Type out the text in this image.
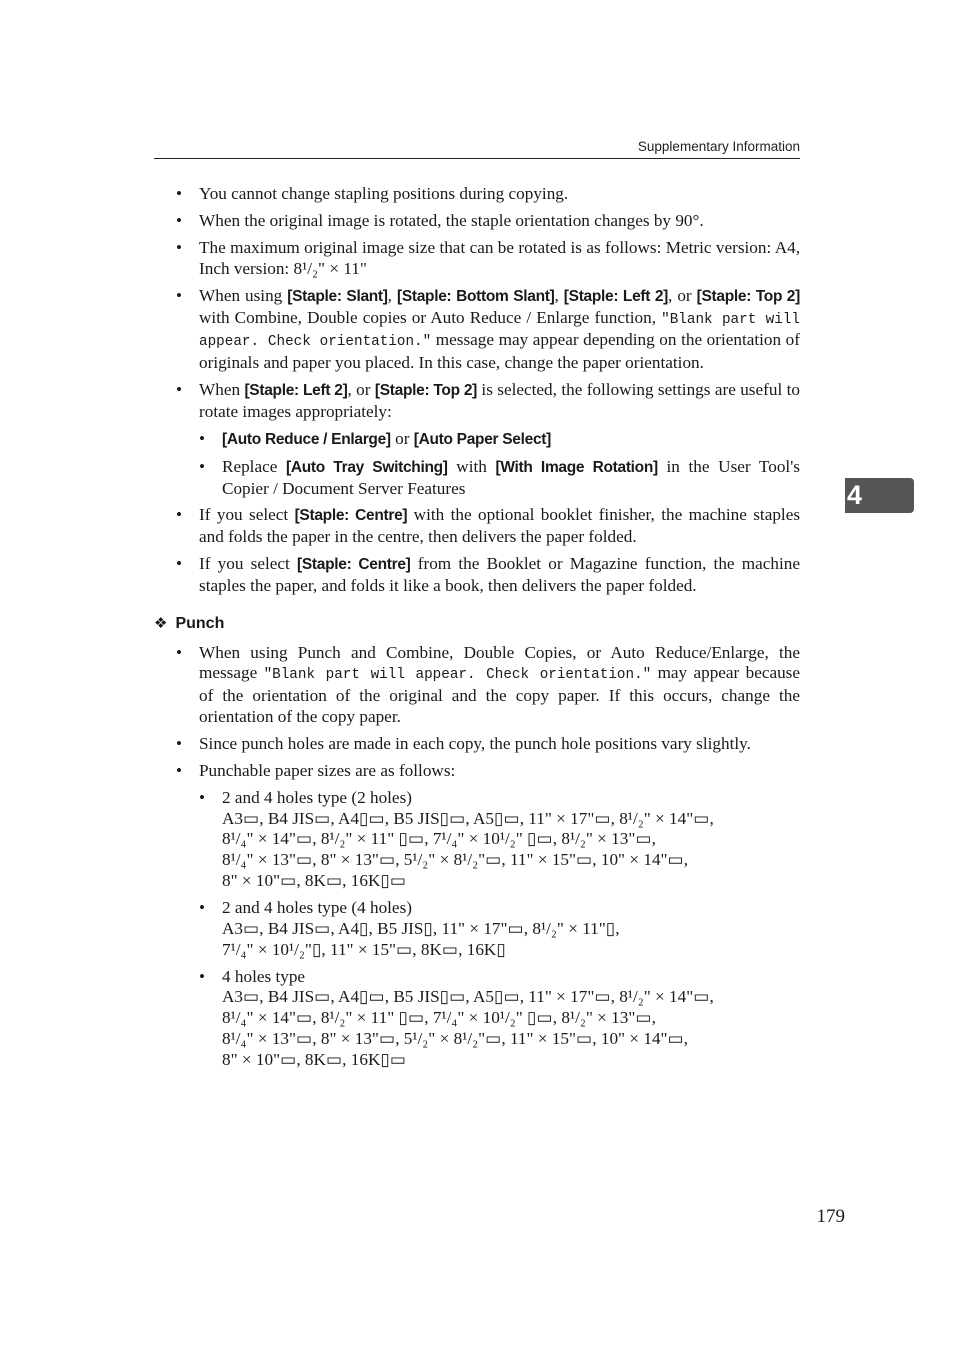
Supplementary Information
4
• You cannot change stapling positions during copying.
• When the original image is rotated, the staple orientation changes by 90°.
• The maximum original image size that can be rotated is as follows: Metric version: A4, Inch version: 8¹/₂" × 11"
• When using [Staple: Slant], [Staple: Bottom Slant], [Staple: Left 2], or [Staple: Top 2] with Combine, Double copies or Auto Reduce / Enlarge function, "Blank part will appear. Check orientation." message may appear depending on the orientation of originals and paper you placed. In this case, change the paper orientation.
• When [Staple: Left 2], or [Staple: Top 2] is selected, the following settings are useful to rotate images appropriately:
• [Auto Reduce / Enlarge] or [Auto Paper Select]
• Replace [Auto Tray Switching] with [With Image Rotation] in the User Tool's Copier / Document Server Features
• If you select [Staple: Centre] with the optional booklet finisher, the machine staples and folds the paper in the centre, then delivers the paper folded.
• If you select [Staple: Centre] from the Booklet or Magazine function, the machine staples the paper, and folds it like a book, then delivers the paper folded.
❖ Punch
• When using Punch and Combine, Double Copies, or Auto Reduce/Enlarge, the message "Blank part will appear. Check orientation." may appear because of the orientation of the original and the copy paper. If this occurs, change the orientation of the copy paper.
• Since punch holes are made in each copy, the punch hole positions vary slightly.
• Punchable paper sizes are as follows:
• 2 and 4 holes type (2 holes)
A3▭, B4 JIS▭, A4▯▭, B5 JIS▯▭, A5▯▭, 11" × 17"▭, 8¹/₂" × 14"▭,
8¹/₄" × 14"▭, 8¹/₂" × 11" ▯▭, 7¹/₄" × 10¹/₂" ▯▭, 8¹/₂" × 13"▭,
8¹/₄" × 13"▭, 8" × 13"▭, 5¹/₂" × 8¹/₂"▭, 11" × 15"▭, 10" × 14"▭,
8" × 10"▭, 8K▭, 16K▯▭
• 2 and 4 holes type (4 holes)
A3▭, B4 JIS▭, A4▯, B5 JIS▯, 11" × 17"▭, 8¹/₂" × 11"▯,
7¹/₄" × 10¹/₂"▯, 11" × 15"▭, 8K▭, 16K▯
• 4 holes type
A3▭, B4 JIS▭, A4▯▭, B5 JIS▯▭, A5▯▭, 11" × 17"▭, 8¹/₂" × 14"▭,
8¹/₄" × 14"▭, 8¹/₂" × 11" ▯▭, 7¹/₄" × 10¹/₂" ▯▭, 8¹/₂" × 13"▭,
8¹/₄" × 13"▭, 8" × 13"▭, 5¹/₂" × 8¹/₂"▭, 11" × 15"▭, 10" × 14"▭,
8" × 10"▭, 8K▭, 16K▯▭
179
